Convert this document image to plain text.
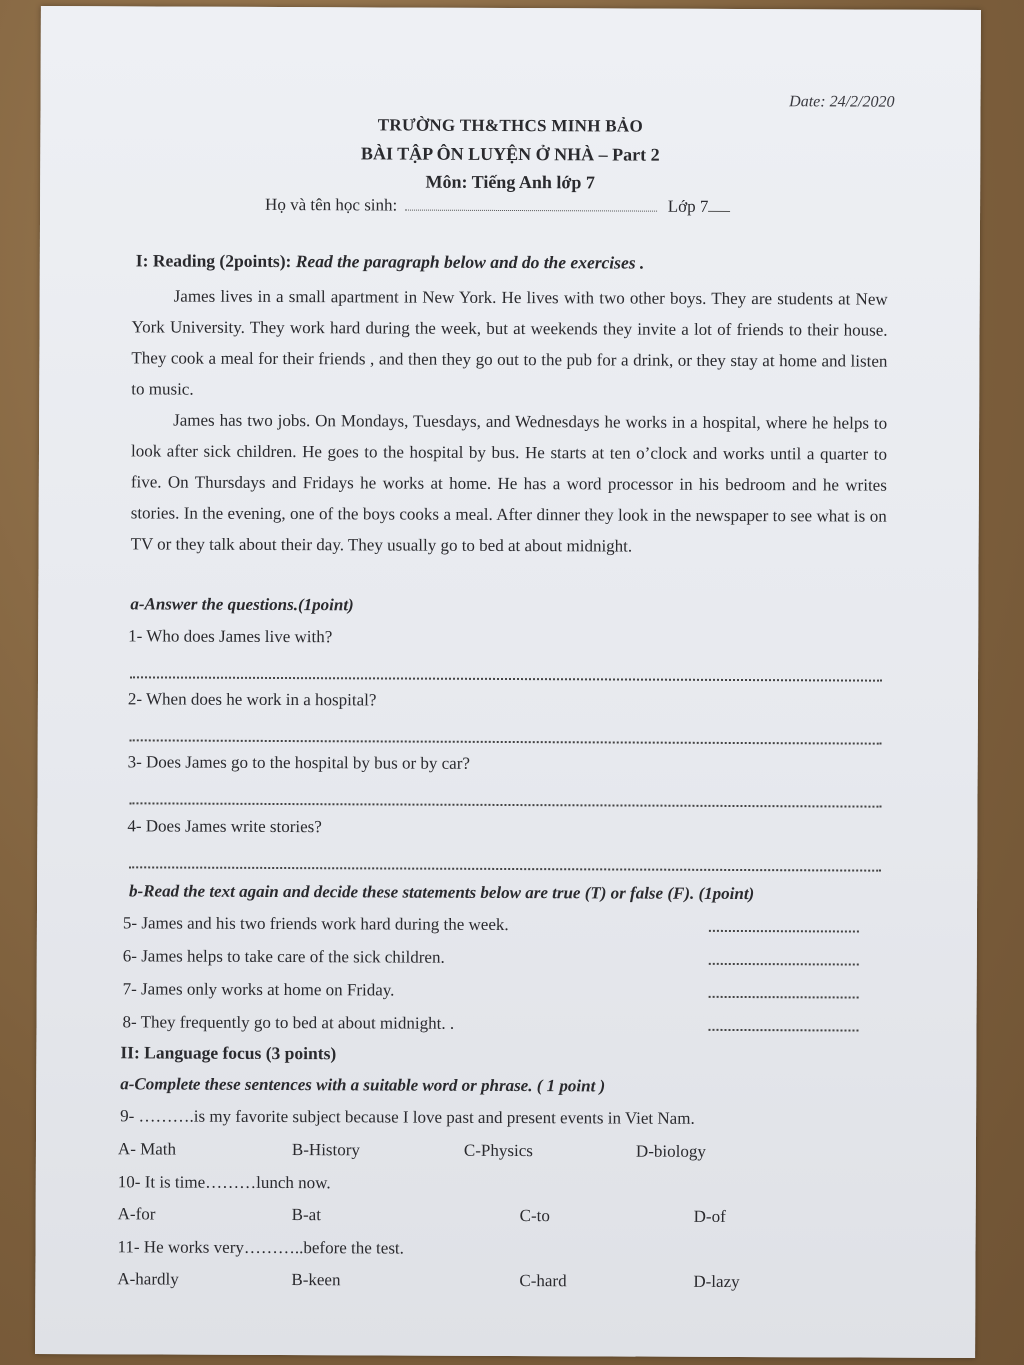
Date: 24/2/2020
TRƯỜNG TH&THCS MINH BẢO
BÀI TẬP ÔN LUYỆN Ở NHÀ – Part 2
Môn: Tiếng Anh lớp 7
Họ và tên học sinh:	Lớp 7
I: Reading (2points): Read the paragraph below and do the exercises .
James lives in a small apartment in New York. He lives with two other boys. They are students at New York University. They work hard during the week, but at weekends they invite a lot of friends to their house. They cook a meal for their friends , and then they go out to the pub for a drink, or they stay at home and listen to music.
James has two jobs. On Mondays, Tuesdays, and Wednesdays he works in a hospital, where he helps to look after sick children. He goes to the hospital by bus. He starts at ten o’clock and works until a quarter to five. On Thursdays and Fridays he works at home. He has a word processor in his bedroom and he writes stories. In the evening, one of the boys cooks a meal. After dinner they look in the newspaper to see what is on TV or they talk about their day. They usually go to bed at about midnight.
a-Answer the questions.(1point)
1- Who does James live with?
2- When does he work in a hospital?
3- Does James go to the hospital by bus or by car?
4- Does James write stories?
b-Read the text again and decide these statements below are true (T) or false (F). (1point)
5- James and his two friends work hard during the week.
6- James helps to take care of the sick children.
7- James only works at home on Friday.
8- They frequently go to bed at about midnight. .
II: Language focus (3 points)
a-Complete these sentences with a suitable word or phrase. ( 1 point )
9- ……….is my favorite subject because I love past and present events in Viet Nam.
A- Math	B-History	C-Physics	D-biology
10- It is time………lunch now.
A-for	B-at	C-to	D-of
11- He works very………..before the test.
A-hardly	B-keen	C-hard	D-lazy
